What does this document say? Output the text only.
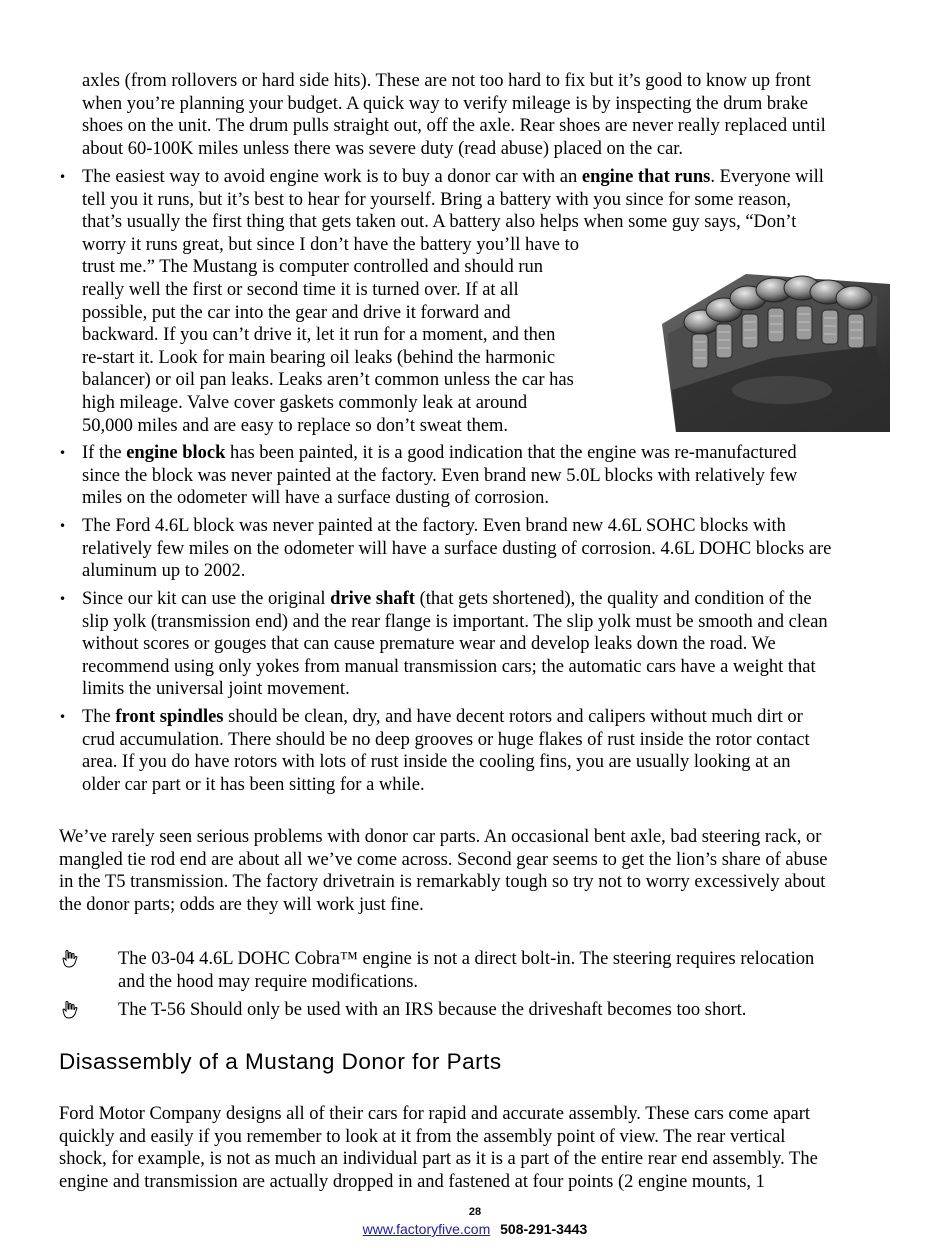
axles (from rollovers or hard side hits). These are not too hard to fix but it’s good to know up front
when you’re planning your budget. A quick way to verify mileage is by inspecting the drum brake
shoes on the unit. The drum pulls straight out, off the axle. Rear shoes are never really replaced until
about 60-100K miles unless there was severe duty (read abuse) placed on the car.
The easiest way to avoid engine work is to buy a donor car with an engine that runs. Everyone will
tell you it runs, but it’s best to hear for yourself. Bring a battery with you since for some reason,
that’s usually the first thing that gets taken out. A battery also helps when some guy says, “Don’t
worry it runs great, but since I don’t have the battery you’ll have to
trust me.” The Mustang is computer controlled and should run
really well the first or second time it is turned over. If at all
possible, put the car into the gear and drive it forward and
backward. If you can’t drive it, let it run for a moment, and then
re-start it. Look for main bearing oil leaks (behind the harmonic
balancer) or oil pan leaks. Leaks aren’t common unless the car has
high mileage. Valve cover gaskets commonly leak at around
50,000 miles and are easy to replace so don’t sweat them.
•
If the engine block has been painted, it is a good indication that the engine was re-manufactured
since the block was never painted at the factory. Even brand new 5.0L blocks with relatively few
miles on the odometer will have a surface dusting of corrosion.
•
The Ford 4.6L block was never painted at the factory. Even brand new 4.6L SOHC blocks with
relatively few miles on the odometer will have a surface dusting of corrosion. 4.6L DOHC blocks are
aluminum up to 2002.
•
Since our kit can use the original drive shaft (that gets shortened), the quality and condition of the
slip yolk (transmission end) and the rear flange is important. The slip yolk must be smooth and clean
without scores or gouges that can cause premature wear and develop leaks down the road. We
recommend using only yokes from manual transmission cars; the automatic cars have a weight that
limits the universal joint movement.
•
The front spindles should be clean, dry, and have decent rotors and calipers without much dirt or
crud accumulation. There should be no deep grooves or huge flakes of rust inside the rotor contact
area. If you do have rotors with lots of rust inside the cooling fins, you are usually looking at an
older car part or it has been sitting for a while.
•
We’ve rarely seen serious problems with donor car parts. An occasional bent axle, bad steering rack, or
mangled tie rod end are about all we’ve come across. Second gear seems to get the lion’s share of abuse
in the T5 transmission. The factory drivetrain is remarkably tough so try not to worry excessively about
the donor parts; odds are they will work just fine.
The 03-04 4.6L DOHC Cobra™ engine is not a direct bolt-in. The steering requires relocation
and the hood may require modifications.
The T-56 Should only be used with an IRS because the driveshaft becomes too short.
Ford Motor Company designs all of their cars for rapid and accurate assembly. These cars come apart
quickly and easily if you remember to look at it from the assembly point of view. The rear vertical
shock, for example, is not as much an individual part as it is a part of the entire rear end assembly. The
engine and transmission are actually dropped in and fastened at four points (2 engine mounts, 1
Disassembly of a Mustang Donor for Parts
28
www.factoryfive.com 508-291-3443
